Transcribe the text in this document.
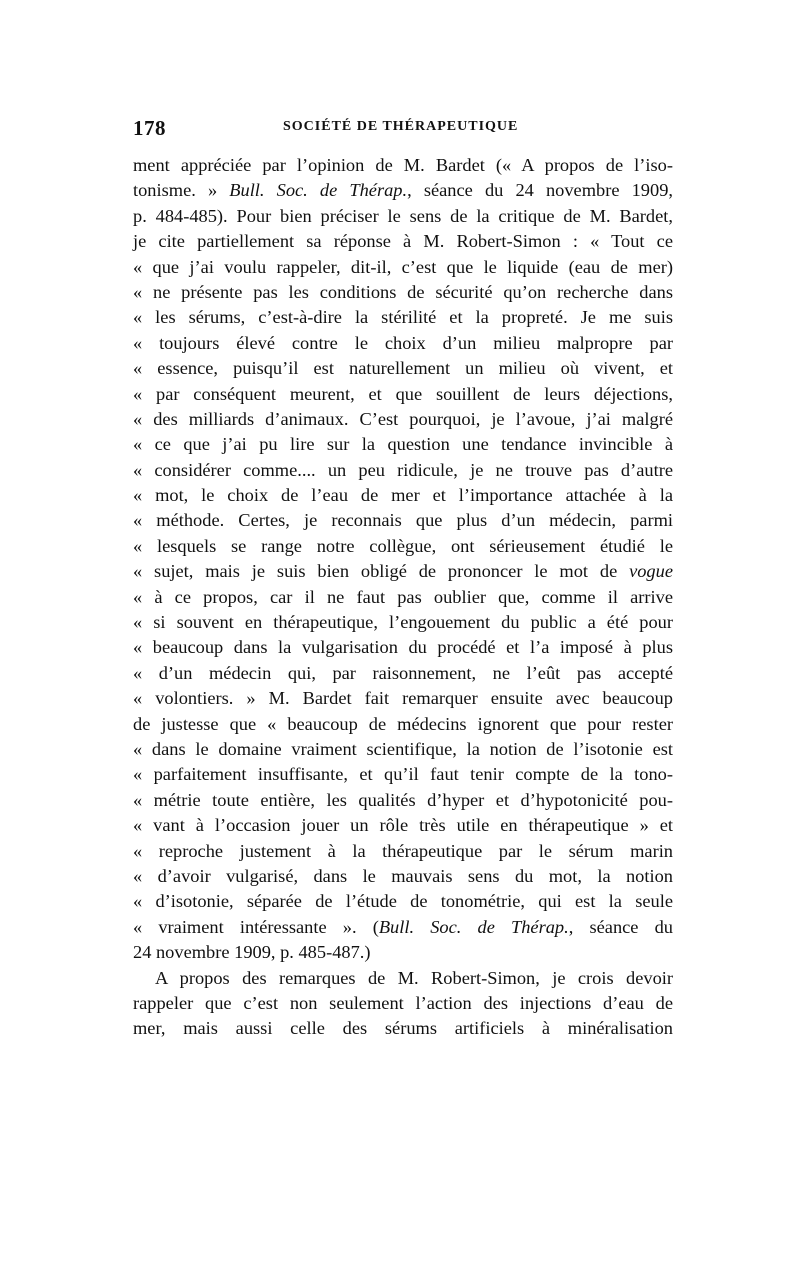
178	SOCIÉTÉ DE THÉRAPEUTIQUE
ment appréciée par l’opinion de M. Bardet (« A propos de l’iso-
tonisme. » Bull. Soc. de Thérap., séance du 24 novembre 1909,
p. 484-485). Pour bien préciser le sens de la critique de M. Bardet,
je cite partiellement sa réponse à M. Robert-Simon : « Tout ce
« que j’ai voulu rappeler, dit-il, c’est que le liquide (eau de mer)
« ne présente pas les conditions de sécurité qu’on recherche dans
« les sérums, c’est-à-dire la stérilité et la propreté. Je me suis
« toujours élevé contre le choix d’un milieu malpropre par
« essence, puisqu’il est naturellement un milieu où vivent, et
« par conséquent meurent, et que souillent de leurs déjections,
« des milliards d’animaux. C’est pourquoi, je l’avoue, j’ai malgré
« ce que j’ai pu lire sur la question une tendance invincible à
« considérer comme.... un peu ridicule, je ne trouve pas d’autre
« mot, le choix de l’eau de mer et l’importance attachée à la
« méthode. Certes, je reconnais que plus d’un médecin, parmi
« lesquels se range notre collègue, ont sérieusement étudié le
« sujet, mais je suis bien obligé de prononcer le mot de vogue
« à ce propos, car il ne faut pas oublier que, comme il arrive
« si souvent en thérapeutique, l’engouement du public a été pour
« beaucoup dans la vulgarisation du procédé et l’a imposé à plus
« d’un médecin qui, par raisonnement, ne l’eût pas accepté
« volontiers. » M. Bardet fait remarquer ensuite avec beaucoup
de justesse que « beaucoup de médecins ignorent que pour rester
« dans le domaine vraiment scientifique, la notion de l’isotonie est
« parfaitement insuffisante, et qu’il faut tenir compte de la tono-
« métrie toute entière, les qualités d’hyper et d’hypotonicité pou-
« vant à l’occasion jouer un rôle très utile en thérapeutique » et
« reproche justement à la thérapeutique par le sérum marin
« d’avoir vulgarisé, dans le mauvais sens du mot, la notion
« d’isotonie, séparée de l’étude de tonométrie, qui est la seule
« vraiment intéressante ». (Bull. Soc. de Thérap., séance du
24 novembre 1909, p. 485-487.)
A propos des remarques de M. Robert-Simon, je crois devoir
rappeler que c’est non seulement l’action des injections d’eau de
mer, mais aussi celle des sérums artificiels à minéralisation
